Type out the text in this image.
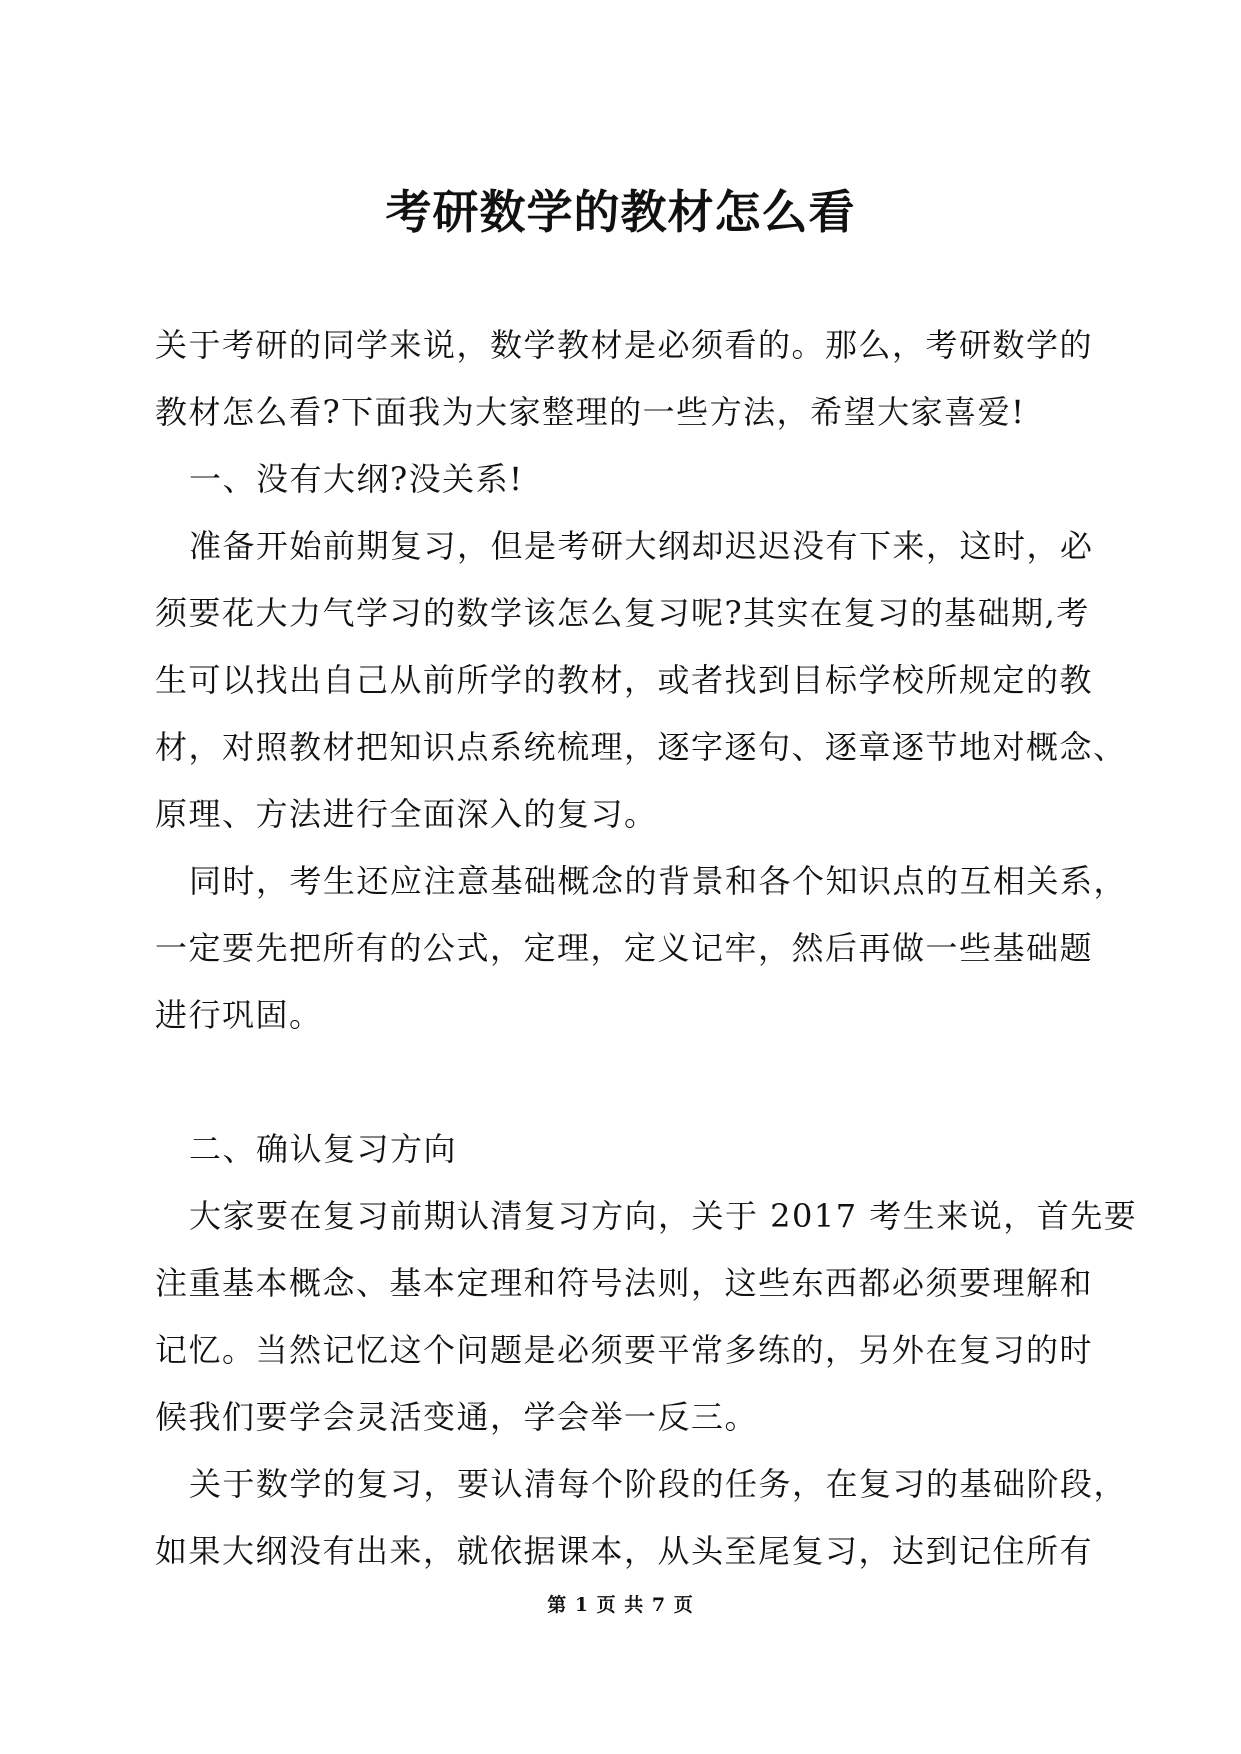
考研数学的教材怎么看

关于考研的同学来说，数学教材是必须看的。那么，考研数学的
教材怎么看?下面我为大家整理的一些方法，希望大家喜爱!

一、没有大纲?没关系!

准备开始前期复习，但是考研大纲却迟迟没有下来，这时，必
须要花大力气学习的数学该怎么复习呢?其实在复习的基础期,考
生可以找出自己从前所学的教材，或者找到目标学校所规定的教
材，对照教材把知识点系统梳理，逐字逐句、逐章逐节地对概念、
原理、方法进行全面深入的复习。

同时，考生还应注意基础概念的背景和各个知识点的互相关系，
一定要先把所有的公式，定理，定义记牢，然后再做一些基础题
进行巩固。

二、确认复习方向

大家要在复习前期认清复习方向，关于 2017 考生来说，首先要
注重基本概念、基本定理和符号法则，这些东西都必须要理解和
记忆。当然记忆这个问题是必须要平常多练的，另外在复习的时
候我们要学会灵活变通，学会举一反三。

关于数学的复习，要认清每个阶段的任务，在复习的基础阶段，
如果大纲没有出来，就依据课本，从头至尾复习，达到记住所有

第 1 页 共 7 页
